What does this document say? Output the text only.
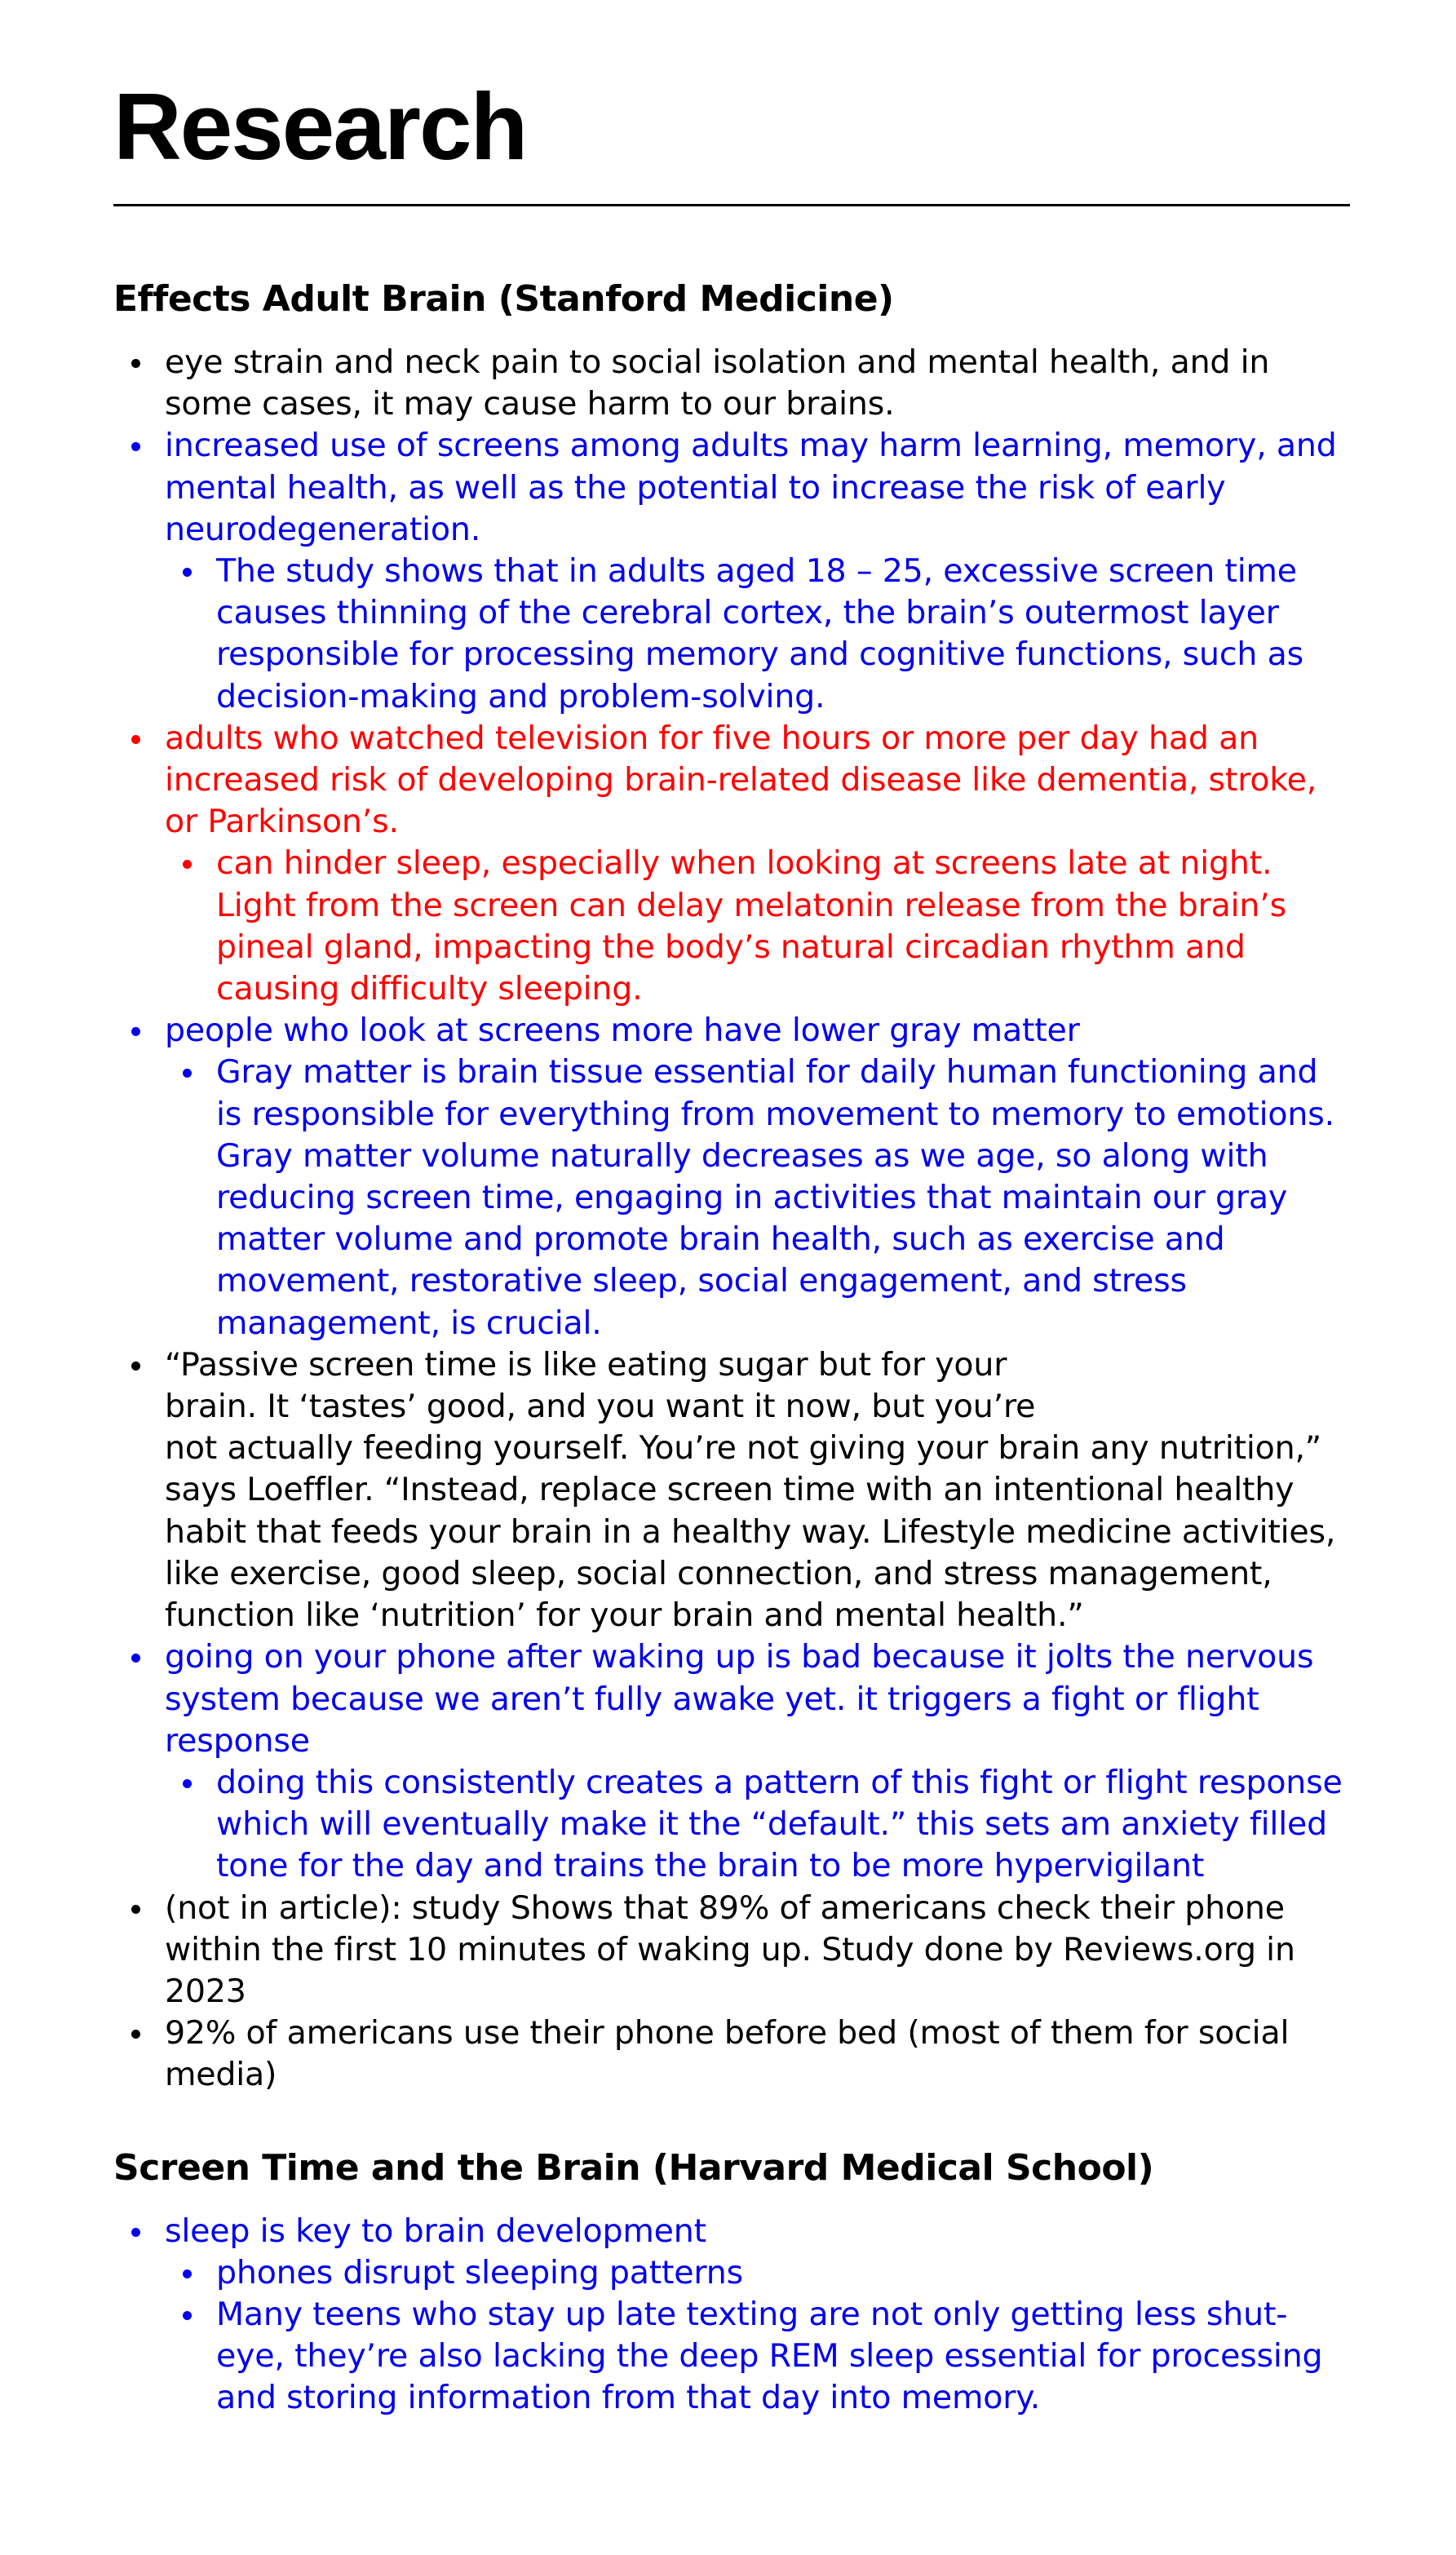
Research
Effects Adult Brain (Stanford Medicine)
eye strain and neck pain to social isolation and mental health, and in some cases, it may cause harm to our brains.
increased use of screens among adults may harm learning, memory, and mental health, as well as the potential to increase the risk of early neurodegeneration.
The study shows that in adults aged 18 – 25, excessive screen time causes thinning of the cerebral cortex, the brain’s outermost layer responsible for processing memory and cognitive functions, such as decision-making and problem-solving.
adults who watched television for five hours or more per day had an increased risk of developing brain-related disease like dementia, stroke, or Parkinson’s.
can hinder sleep, especially when looking at screens late at night. Light from the screen can delay melatonin release from the brain’s pineal gland, impacting the body’s natural circadian rhythm and causing difficulty sleeping.
people who look at screens more have lower gray matter
Gray matter is brain tissue essential for daily human functioning and is responsible for everything from movement to memory to emotions. Gray matter volume naturally decreases as we age, so along with reducing screen time, engaging in activities that maintain our gray matter volume and promote brain health, such as exercise and movement, restorative sleep, social engagement, and stress management, is crucial.
“Passive screen time is like eating sugar but for your
brain. It ‘tastes’ good, and you want it now, but you’re
not actually feeding yourself. You’re not giving your brain any nutrition,”
says Loeffler. “Instead, replace screen time with an intentional healthy
habit that feeds your brain in a healthy way. Lifestyle medicine activities,
like exercise, good sleep, social connection, and stress management,
function like ‘nutrition’ for your brain and mental health.”
going on your phone after waking up is bad because it jolts the nervous system because we aren’t fully awake yet. it triggers a fight or flight response
doing this consistently creates a pattern of this fight or flight response which will eventually make it the “default.” this sets am anxiety filled tone for the day and trains the brain to be more hypervigilant
(not in article): study Shows that 89% of americans check their phone within the first 10 minutes of waking up. Study done by Reviews.org in 2023
92% of americans use their phone before bed (most of them for social media)
Screen Time and the Brain (Harvard Medical School)
sleep is key to brain development
phones disrupt sleeping patterns
Many teens who stay up late texting are not only getting less shut-eye, they’re also lacking the deep REM sleep essential for processing and storing information from that day into memory.
